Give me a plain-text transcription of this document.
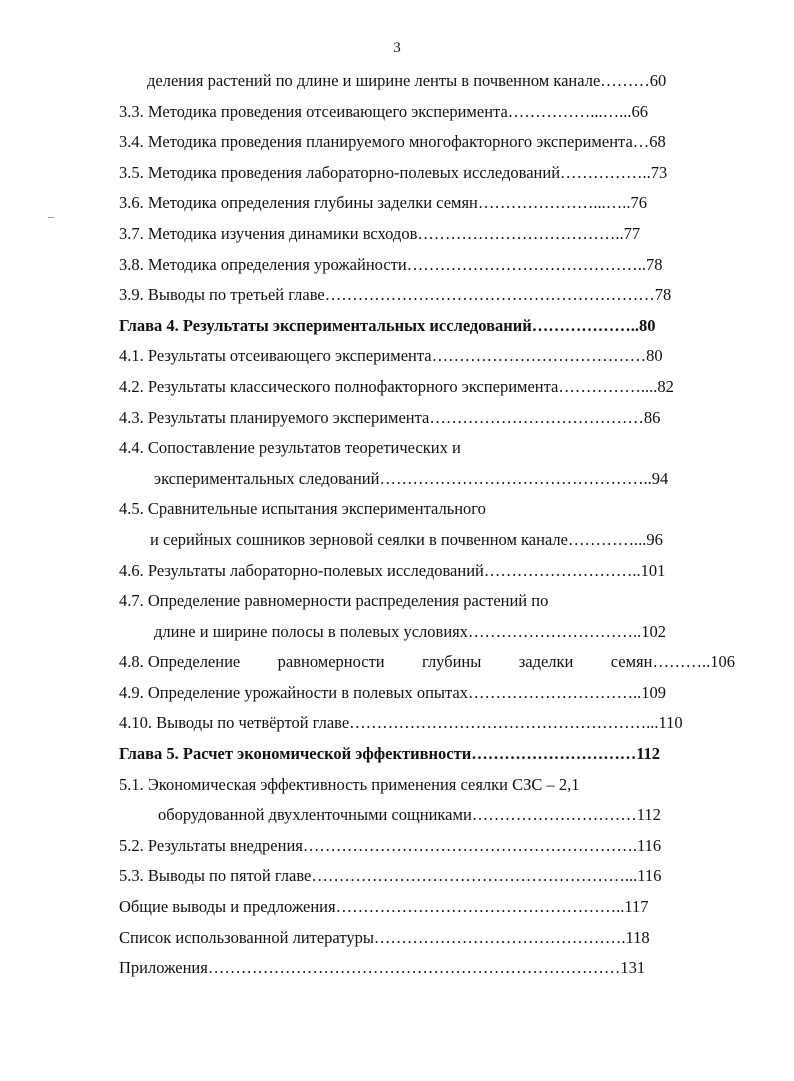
3
¯
деления растений по длине и ширине ленты в почвенном канале………60
3.3. Методика проведения отсеивающего эксперимента……………...…...66
3.4. Методика проведения планируемого многофакторного эксперимента…68
3.5. Методика проведения лабораторно-полевых исследований……………..73
3.6. Методика определения глубины заделки семян…………………...…..76
3.7. Методика изучения динамики всходов………………………………..77
3.8. Методика определения урожайности……………………………………..78
3.9. Выводы по третьей главе……………………………………………………78
Глава 4. Результаты экспериментальных исследований………………..80
4.1. Результаты отсеивающего эксперимента…………………………………80
4.2. Результаты классического полнофакторного эксперимента……………....82
4.3. Результаты планируемого эксперимента…………………………………86
4.4. Сопоставление результатов теоретических и
экспериментальных следований…………………………………………..94
4.5. Сравнительные испытания экспериментального
и серийных сошников зерновой сеялки в почвенном канале…………...96
4.6. Результаты лабораторно-полевых исследований………………………..101
4.7. Определение равномерности распределения растений по
длине и ширине полосы в полевых условиях…………………………..102
4.8. Определение равномерности глубины заделки семян………..106
4.9. Определение урожайности в полевых опытах…………………………..109
4.10. Выводы по четвёртой главе………………………………………………...110
Глава 5. Расчет экономической эффективности…………………………112
5.1. Экономическая эффективность применения сеялки СЗС – 2,1
оборудованной двухленточными сощниками…………………………112
5.2. Результаты внедрения…………………………………………………….116
5.3. Выводы по пятой главе…………………………………………………...116
Общие выводы и предложения……………………………………………..117
Список использованной литературы……………………………………….118
Приложения…………………………………………………………………131
